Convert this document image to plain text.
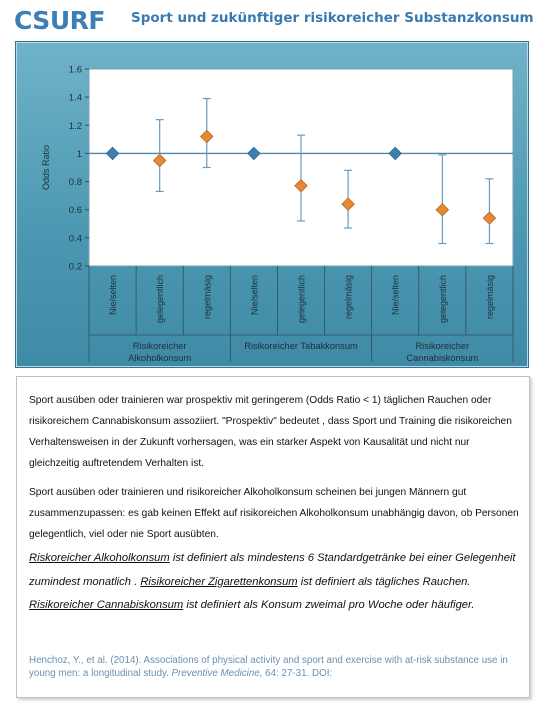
CSURF Sport und zukünftiger risikoreicher Substanzkonsum
0.2
0.4
0.6
0.8
1
1.2
1.4
1.6
Odds Ratio
Nie/selten	gelegentlich	regelmäsig
Risikoreicher
Alkoholkonsum
Nie/selten	gelegentlich	regelmäsig
Risikoreicher Tabakkonsum
Nie/selten	gelegentlich	regelmäsig
Risikoreicher
Cannabiskonsum
Sport ausüben oder trainieren war prospektiv mit geringerem (Odds Ratio < 1) täglichen Rauchen oder risikoreichem Cannabiskonsum assoziiert. "Prospektiv" bedeutet , dass Sport und Training die risikoreichen Verhaltensweisen in der Zukunft vorhersagen, was ein starker Aspekt von Kausalität und nicht nur gleichzeitig auftretendem Verhalten ist.
Sport ausüben oder trainieren und risikoreicher Alkoholkonsum scheinen bei jungen Männern gut zusammenzupassen: es gab keinen Effekt auf risikoreichen Alkoholkonsum unabhängig davon, ob Personen gelegentlich, viel oder nie Sport ausübten.
Riskoreicher Alkoholkonsum ist definiert als mindestens 6 Standardgetränke bei einer Gelegenheit zumindest monatlich . Risikoreicher Zigarettenkonsum ist definiert als tägliches Rauchen. Risikoreicher Cannabiskonsum ist definiert als Konsum zweimal pro Woche oder häufiger.
Henchoz, Y., et al. (2014). Associations of physical activity and sport and exercise with at-risk substance use in young men: a longitudinal study. Preventive Medicine, 64: 27-31. DOI:
